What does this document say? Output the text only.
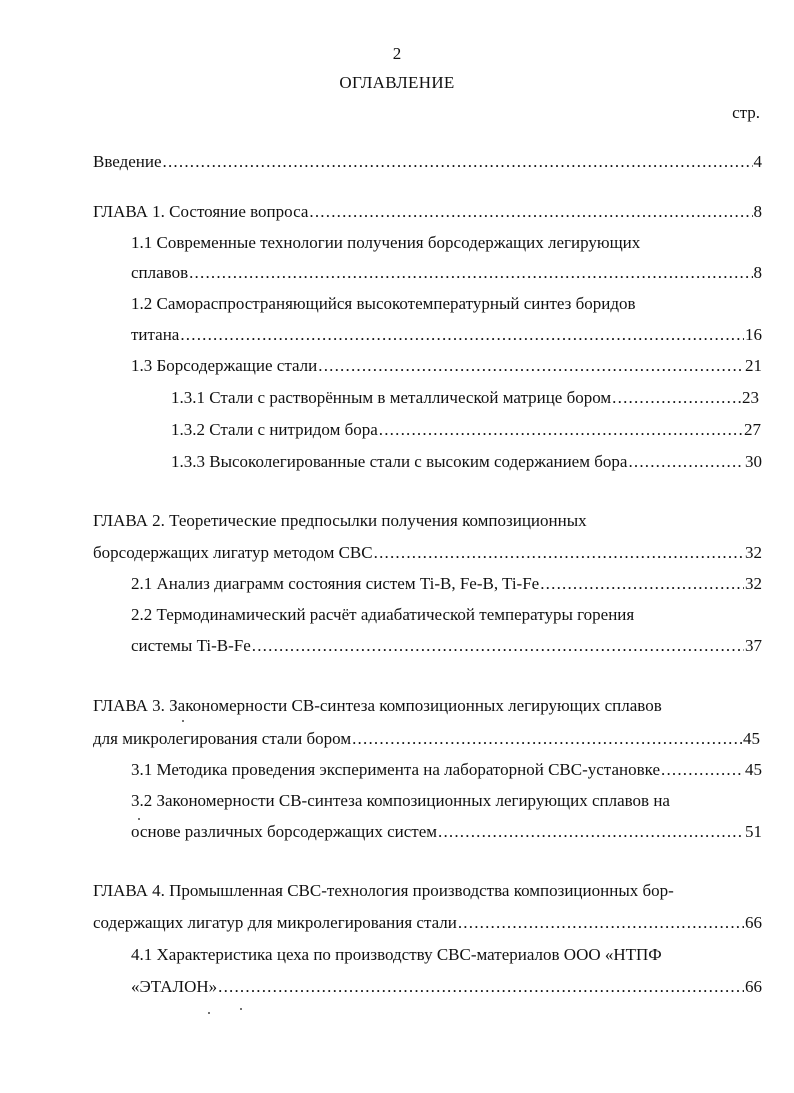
2
ОГЛАВЛЕНИЕ
стр.
Введение .....	4
ГЛАВА 1. Состояние вопроса .....	8
1.1 Современные технологии получения борсодержащих легирующих
сплавов .....	8
1.2 Самораспространяющийся высокотемпературный синтез боридов
титана .....	16
1.3 Борсодержащие стали .....	21
1.3.1 Стали с растворённым в металлической матрице бором .....	23
1.3.2 Стали с нитридом бора .....	27
1.3.3 Высоколегированные стали с высоким содержанием бора .....	30
ГЛАВА 2. Теоретические предпосылки получения композиционных
борсодержащих лигатур методом СВС .....	32
2.1 Анализ диаграмм состояния систем Ti-B, Fe-B, Ti-Fe .....	32
2.2 Термодинамический расчёт адиабатической температуры горения
системы Ti-B-Fe .....	37
ГЛАВА 3. Закономерности СВ-синтеза композиционных легирующих сплавов
для микролегирования стали бором .....	45
3.1 Методика проведения эксперимента на лабораторной СВС-установке .....	45
3.2 Закономерности СВ-синтеза композиционных легирующих сплавов на
основе различных борсодержащих систем .....	51
ГЛАВА 4. Промышленная СВС-технология производства композиционных бор-
содержащих лигатур для микролегирования стали .....	66
4.1 Характеристика цеха по производству СВС-материалов ООО «НТПФ
«ЭТАЛОН» .....	66
